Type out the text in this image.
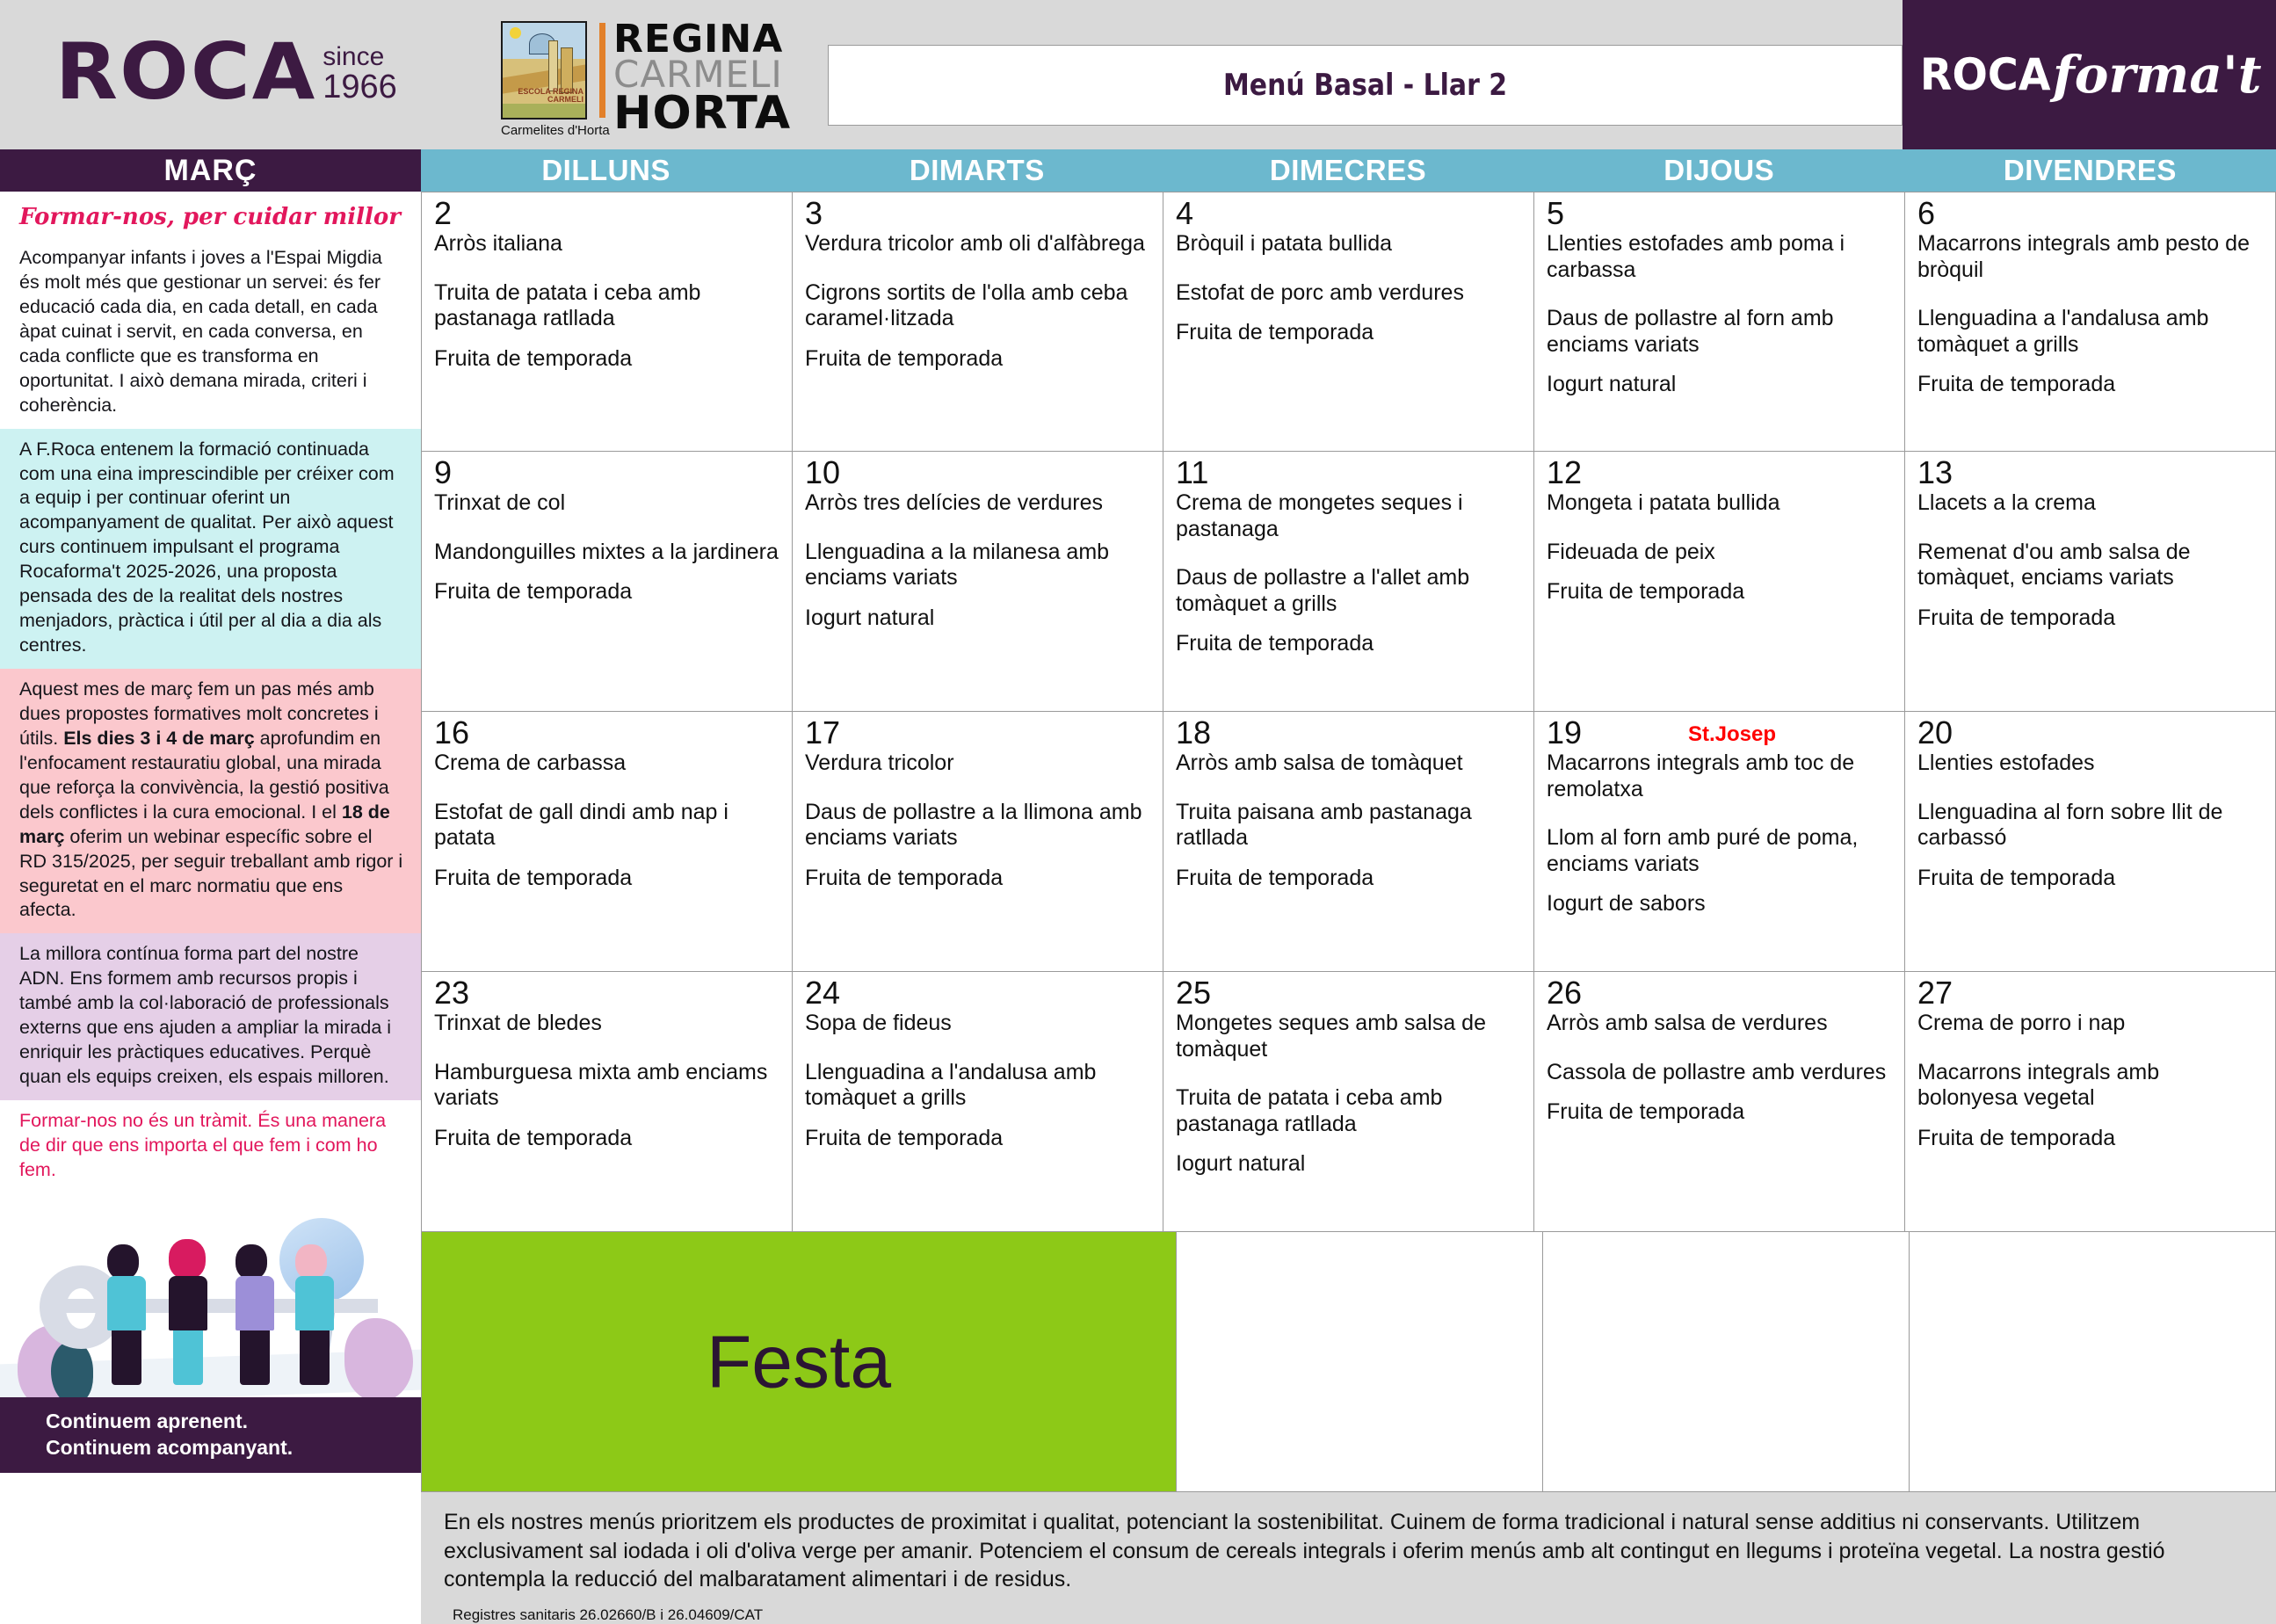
ROCA since
1966	ESCOLA REGINA CARMELI
Carmelites d'Horta
REGINA
CARMELI
HORTA
Menú Basal - Llar 2	ROCA forma't
MARÇ
Formar-nos, per cuidar millor
Acompanyar infants i joves a l'Espai Migdia és molt més que gestionar un servei: és fer educació cada dia, en cada detall, en cada àpat cuinat i servit, en cada conversa, en cada conflicte que es transforma en oportunitat. I això demana mirada, criteri i coherència.
A F.Roca entenem la formació continuada com una eina imprescindible per créixer com a equip i per continuar oferint un acompanyament de qualitat. Per això aquest curs continuem impulsant el programa Rocaforma't 2025-2026, una proposta pensada des de la realitat dels nostres menjadors, pràctica i útil per al dia a dia als centres.
Aquest mes de març fem un pas més amb dues propostes formatives molt concretes i útils. Els dies 3 i 4 de març aprofundim en l'enfocament restauratiu global, una mirada que reforça la convivència, la gestió positiva dels conflictes i la cura emocional. I el 18 de març oferim un webinar específic sobre el RD 315/2025, per seguir treballant amb rigor i seguretat en el marc normatiu que ens afecta.
La millora contínua forma part del nostre ADN. Ens formem amb recursos propis i també amb la col·laboració de professionals externs que ens ajuden a ampliar la mirada i enriquir les pràctiques educatives. Perquè quan els equips creixen, els espais milloren.
Formar-nos no és un tràmit. És una manera de dir que ens importa el que fem i com ho fem.
Continuem aprenent.
Continuem acompanyant.
DILLUNS	DIMARTS	DIMECRES	DIJOUS	DIVENDRES
2
Arròs italiana
Truita de patata i ceba amb pastanaga ratllada
Fruita de temporada
3
Verdura tricolor amb oli d'alfàbrega
Cigrons sortits de l'olla amb ceba caramel·litzada
Fruita de temporada
4
Bròquil i patata bullida
Estofat de porc amb verdures
Fruita de temporada
5
Llenties estofades amb poma i carbassa
Daus de pollastre al forn amb enciams variats
Iogurt natural
6
Macarrons integrals amb pesto de bròquil
Llenguadina a l'andalusa amb tomàquet a grills
Fruita de temporada
9
Trinxat de col
Mandonguilles mixtes a la jardinera
Fruita de temporada
10
Arròs tres delícies de verdures
Llenguadina a la milanesa amb enciams variats
Iogurt natural
11
Crema de mongetes seques i pastanaga
Daus de pollastre a l'allet amb tomàquet a grills
Fruita de temporada
12
Mongeta i patata bullida
Fideuada de peix
Fruita de temporada
13
Llacets a la crema
Remenat d'ou amb salsa de tomàquet, enciams variats
Fruita de temporada
16
Crema de carbassa
Estofat de gall dindi amb nap i patata
Fruita de temporada
17
Verdura tricolor
Daus de pollastre a la llimona amb enciams variats
Fruita de temporada
18
Arròs amb salsa de tomàquet
Truita paisana amb pastanaga ratllada
Fruita de temporada
19	St.Josep
Macarrons integrals amb toc de remolatxa
Llom al forn amb puré de poma, enciams variats
Iogurt de sabors
20
Llenties estofades
Llenguadina al forn sobre llit de carbassó
Fruita de temporada
23
Trinxat de bledes
Hamburguesa mixta amb enciams variats
Fruita de temporada
24
Sopa de fideus
Llenguadina a l'andalusa amb tomàquet a grills
Fruita de temporada
25
Mongetes seques amb salsa de tomàquet
Truita de patata i ceba amb pastanaga ratllada
Iogurt natural
26
Arròs amb salsa de verdures
Cassola de pollastre amb verdures
Fruita de temporada
27
Crema de porro i nap
Macarrons integrals amb bolonyesa vegetal
Fruita de temporada
Festa
En els nostres menús prioritzem els productes de proximitat i qualitat, potenciant la sostenibilitat. Cuinem de forma tradicional i natural sense additius ni conservants. Utilitzem exclusivament sal iodada i oli d'oliva verge per amanir. Potenciem el consum de cereals integrals i oferim menús amb alt contingut en llegums i proteïna vegetal. La nostra gestió contempla la reducció del malbaratament alimentari i de residus.
Registres sanitaris 26.02660/B i 26.04609/CAT
